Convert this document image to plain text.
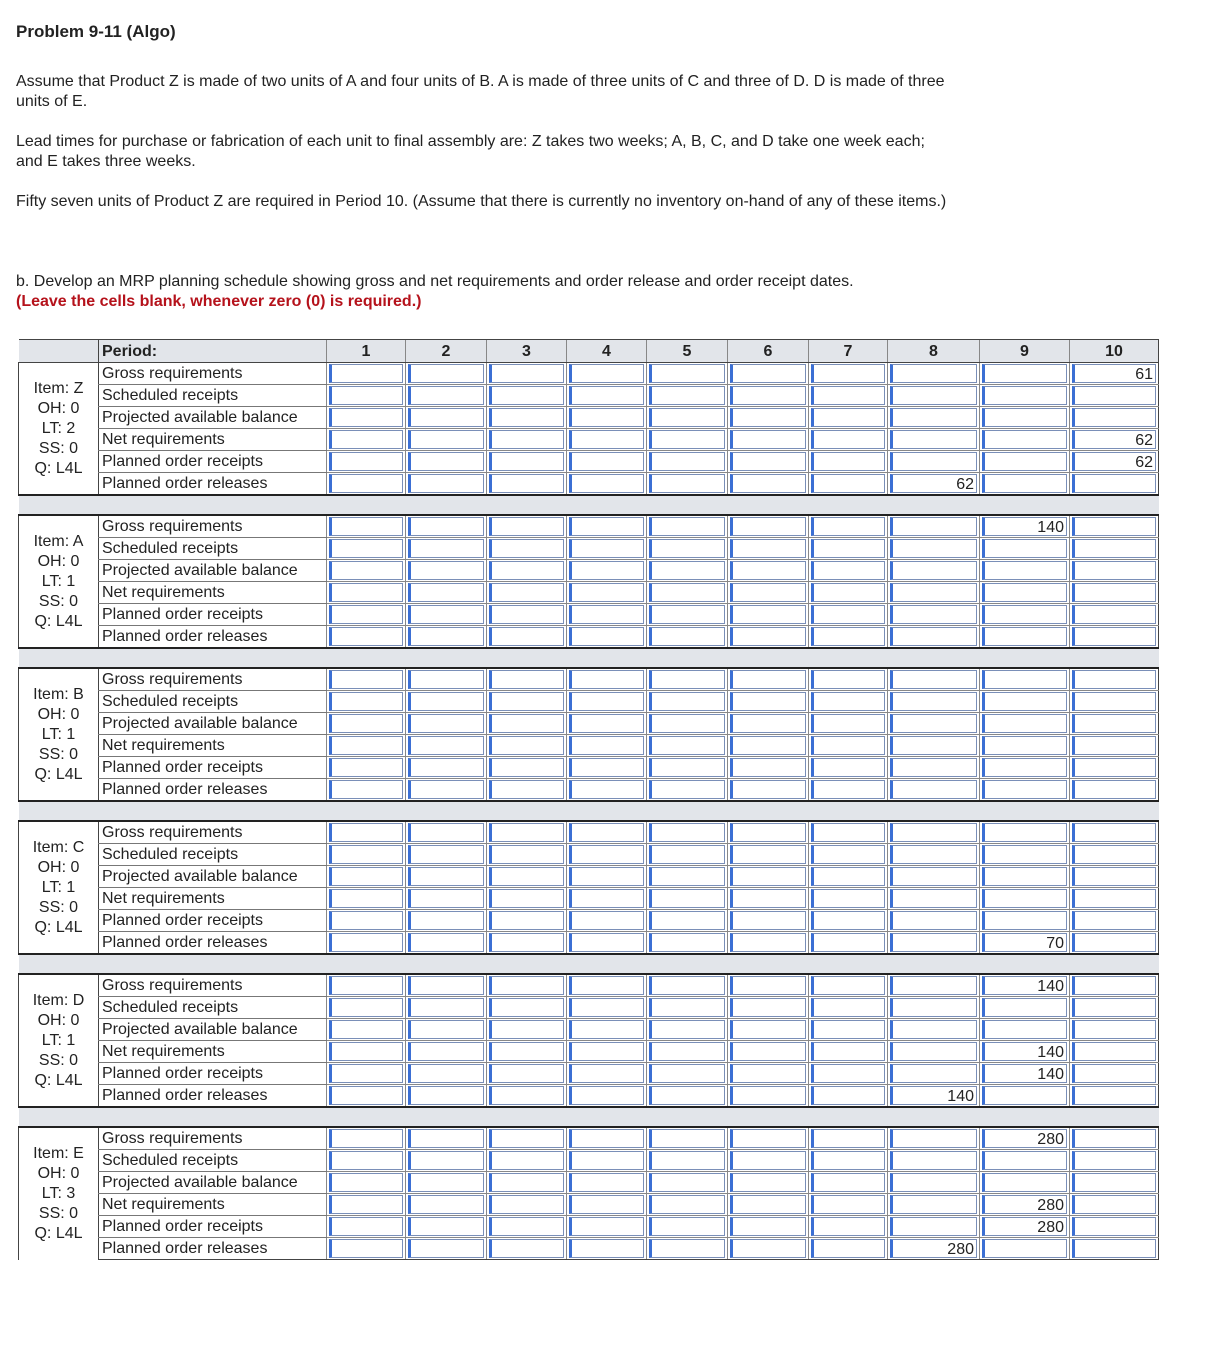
Problem 9-11 (Algo)

Assume that Product Z is made of two units of A and four units of B. A is made of three units of C and three of D. D is made of three units of E.

Lead times for purchase or fabrication of each unit to final assembly are: Z takes two weeks; A, B, C, and D take one week each; and E takes three weeks.

Fifty seven units of Product Z are required in Period 10. (Assume that there is currently no inventory on-hand of any of these items.)

b. Develop an MRP planning schedule showing gross and net requirements and order release and order receipt dates.
(Leave the cells blank, whenever zero (0) is required.)

	Period:	1	2	3	4	5	6	7	8	9	10

Item: Z
OH: 0
LT: 2
SS: 0
Q: L4L	Gross requirements										61

	Scheduled receipts	

	Projected available balance	

	Net requirements										62

	Planned order receipts										62

	Planned order releases								62		

Item: A
OH: 0
LT: 1
SS: 0
Q: L4L	Gross requirements									140	

	Scheduled receipts	

	Projected available balance	

	Net requirements	

	Planned order receipts	

	Planned order releases	

Item: B
OH: 0
LT: 1
SS: 0
Q: L4L	Gross requirements	

	Scheduled receipts	

	Projected available balance	

	Net requirements	

	Planned order receipts	

	Planned order releases	

Item: C
OH: 0
LT: 1
SS: 0
Q: L4L	Gross requirements	

	Scheduled receipts	

	Projected available balance	

	Net requirements	

	Planned order receipts	

	Planned order releases									70	

Item: D
OH: 0
LT: 1
SS: 0
Q: L4L	Gross requirements									140	

	Scheduled receipts	

	Projected available balance	

	Net requirements									140	

	Planned order receipts									140	

	Planned order releases								140		

Item: E
OH: 0
LT: 3
SS: 0
Q: L4L	Gross requirements									280	

	Scheduled receipts	

	Projected available balance	

	Net requirements									280	

	Planned order receipts									280	

	Planned order releases								280		
